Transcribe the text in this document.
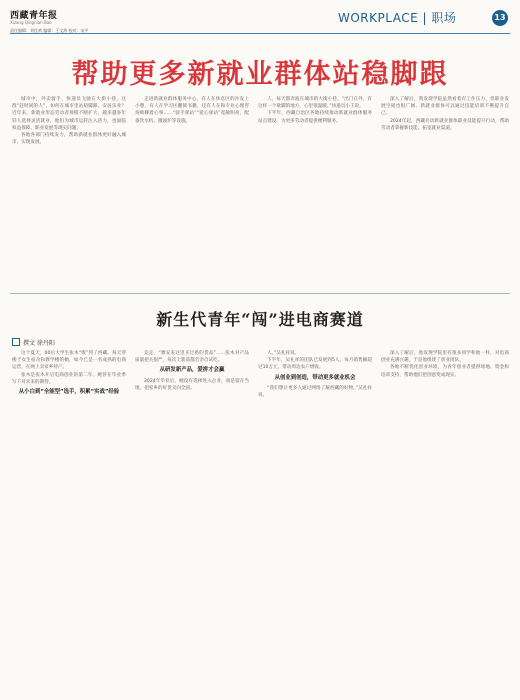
西藏青年报
Xizang Qingnian Bao
责任编辑：刘佳欢 编辑：王文海 校对：宋平
WORKPLACE | 职场	13
帮助更多新就业群体站稳脚跟

城市中，外卖骑手、快递员飞驰在大街小巷，这群“赶时间的人”，如何在城市里站稳脚跟、安居乐业？近年来，新就业形态劳动者规模不断扩大，越来越多年轻人选择灵活就业，他们为城市运转注入活力，也面临权益保障、职业发展等现实问题。

各地各部门持续发力，帮助新就业群体更好融入城市、实现发展。

走进新就业群体服务中心，有人在休息区的沙发上小憩，有人在学习区翻阅书籍，还有人在和专业心理咨询师聊着心事……“骑手驿站”“爱心驿站”宽敞明亮，配备饮水机、微波炉等设施。

人，每天都奔波在城市的大街小巷。“出门在外，有这样一个歇脚的地方，心里很温暖。”快递员小王说。

下半年，西藏自治区各地持续推动新就业群体服务站点建设，为更多劳动者提供便利服务。

深入了解后，我发现学院虽然看着有工作压力，但职业发展空间也很广阔，新就业群体可以通过技能培训不断提升自己。

2024年起，西藏启动新就业群体职业技能提升行动，帮助劳动者掌握新技能、拓宽就业渠道。

新生代青年“闯”进电商赛道
撰文 徐丹阳

这个夏天，00后大学生张木“败”到了西藏。每天穿梭于女生宿舍和教学楼的她，如今已是一名成熟的电商运营，在网上卖家乡特产。

张木是张木开启电商创业的第二年。她曾在毕业季写下对未来的期待。

从小白到“全能型”选手，积累“实战”经验

竞走，“雅安来这里买过新的货品”……张木对产品质量把关很严，每次上新前都会亲自试吃。

从研发新产品，爱拼才会赢

2024年毕业后，她没有选择进入企业，而是留在当地，把家乡的好货卖向全国。

人。”吴礼祥说。

下半年，吴礼祥的团队已发展到5人，每月销售额超过10万元，带动周边农户增收。

从创业到创造，带动更多就业机会

“我们想让更多人通过网络了解西藏的好物。”吴礼祥说。

深入了解后，他发现学院里有很多同学和他一样，对电商创业充满兴趣，于是他组建了创业团队。

各地不断优化创业环境，为青年创业者提供场地、资金和培训支持，帮助他们把创意变成现实。
